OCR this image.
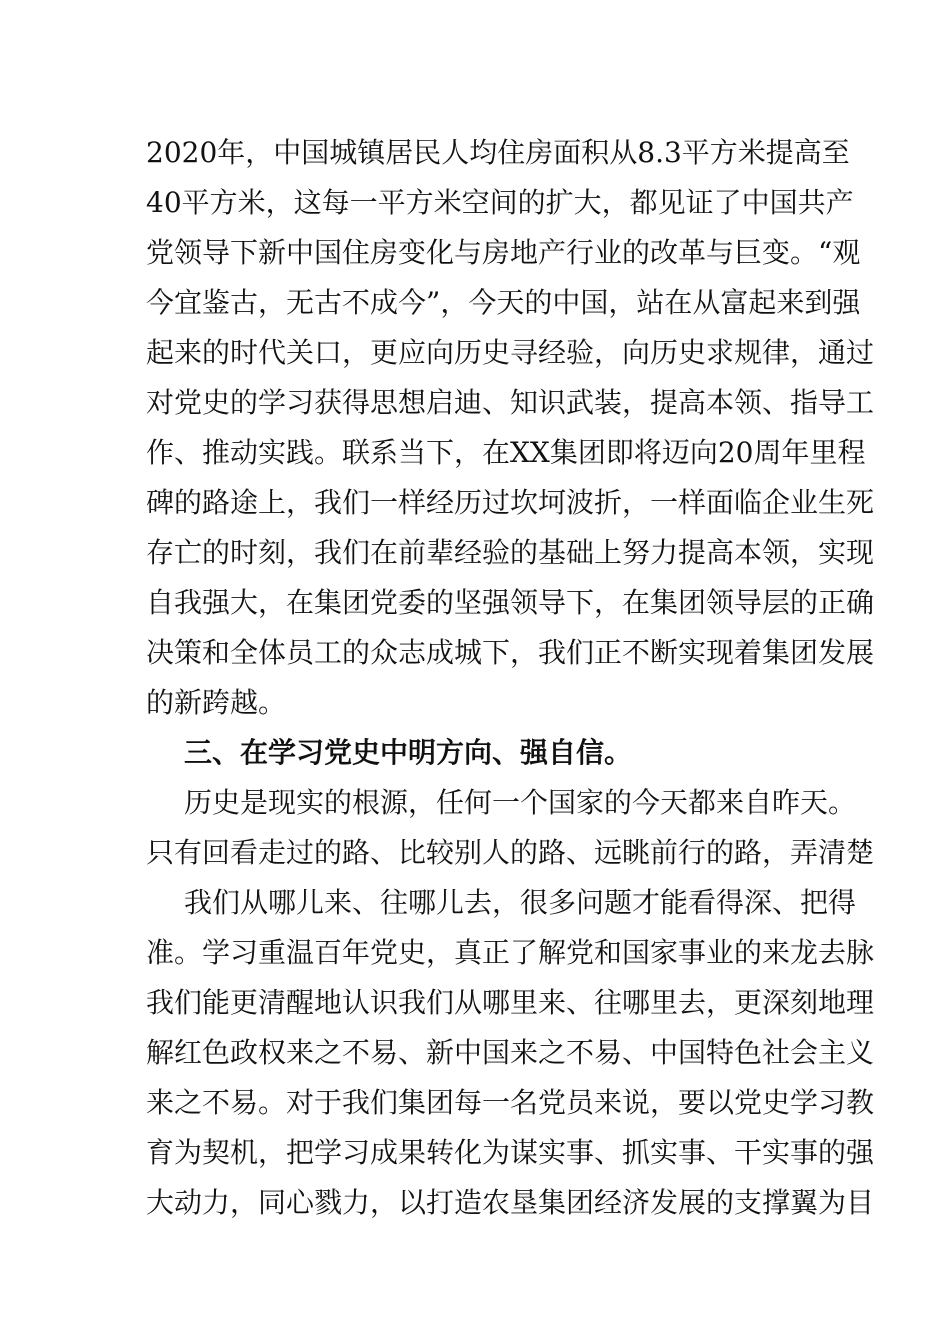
2020年，中国城镇居民人均住房面积从8.3平方米提高至
40平方米，这每一平方米空间的扩大，都见证了中国共产
党领导下新中国住房变化与房地产行业的改革与巨变。“观
今宜鉴古，无古不成今”，今天的中国，站在从富起来到强
起来的时代关口，更应向历史寻经验，向历史求规律，通过
对党史的学习获得思想启迪、知识武装，提高本领、指导工
作、推动实践。联系当下，在XX集团即将迈向20周年里程
碑的路途上，我们一样经历过坎坷波折，一样面临企业生死
存亡的时刻，我们在前辈经验的基础上努力提高本领，实现
自我强大，在集团党委的坚强领导下，在集团领导层的正确
决策和全体员工的众志成城下，我们正不断实现着集团发展
的新跨越。
三、在学习党史中明方向、强自信。
历史是现实的根源，任何一个国家的今天都来自昨天。
只有回看走过的路、比较别人的路、远眺前行的路，弄清楚
我们从哪儿来、往哪儿去，很多问题才能看得深、把得
准。学习重温百年党史，真正了解党和国家事业的来龙去脉
我们能更清醒地认识我们从哪里来、往哪里去，更深刻地理
解红色政权来之不易、新中国来之不易、中国特色社会主义
来之不易。对于我们集团每一名党员来说，要以党史学习教
育为契机，把学习成果转化为谋实事、抓实事、干实事的强
大动力，同心戮力，以打造农垦集团经济发展的支撑翼为目
